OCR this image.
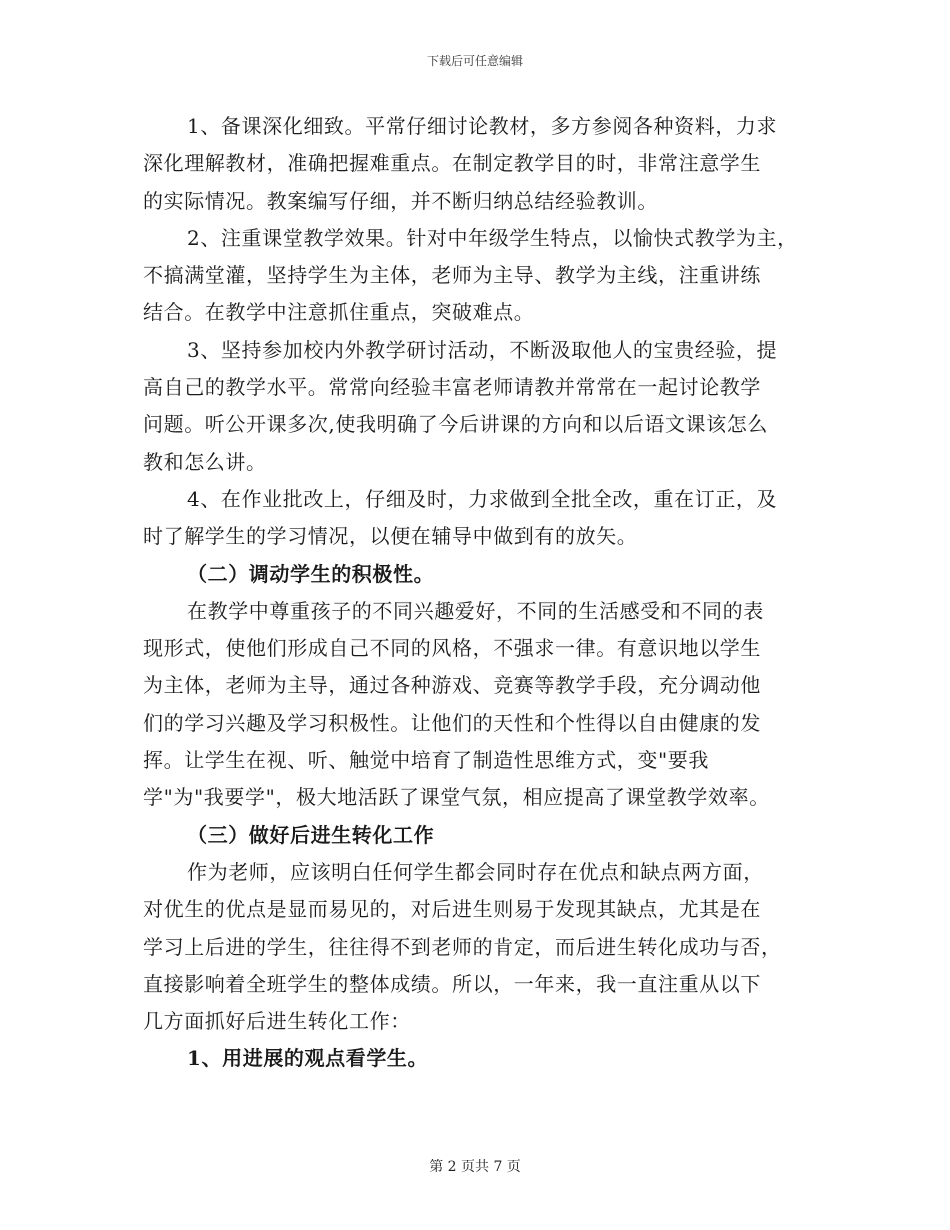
下载后可任意编辑
1、备课深化细致。平常仔细讨论教材，多方参阅各种资料，力求
深化理解教材，准确把握难重点。在制定教学目的时，非常注意学生
的实际情况。教案编写仔细，并不断归纳总结经验教训。
2、注重课堂教学效果。针对中年级学生特点，以愉快式教学为主，
不搞满堂灌，坚持学生为主体，老师为主导、教学为主线，注重讲练
结合。在教学中注意抓住重点，突破难点。
3、坚持参加校内外教学研讨活动，不断汲取他人的宝贵经验，提
高自己的教学水平。常常向经验丰富老师请教并常常在一起讨论教学
问题。听公开课多次,使我明确了今后讲课的方向和以后语文课该怎么
教和怎么讲。
4、在作业批改上，仔细及时，力求做到全批全改，重在订正，及
时了解学生的学习情况，以便在辅导中做到有的放矢。
（二）调动学生的积极性。
在教学中尊重孩子的不同兴趣爱好，不同的生活感受和不同的表
现形式，使他们形成自己不同的风格，不强求一律。有意识地以学生
为主体，老师为主导，通过各种游戏、竞赛等教学手段，充分调动他
们的学习兴趣及学习积极性。让他们的天性和个性得以自由健康的发
挥。让学生在视、听、触觉中培育了制造性思维方式，变"要我
学"为"我要学"，极大地活跃了课堂气氛，相应提高了课堂教学效率。
（三）做好后进生转化工作
作为老师，应该明白任何学生都会同时存在优点和缺点两方面，
对优生的优点是显而易见的，对后进生则易于发现其缺点，尤其是在
学习上后进的学生，往往得不到老师的肯定，而后进生转化成功与否，
直接影响着全班学生的整体成绩。所以，一年来，我一直注重从以下
几方面抓好后进生转化工作：
1、用进展的观点看学生。
第 2 页共 7 页
